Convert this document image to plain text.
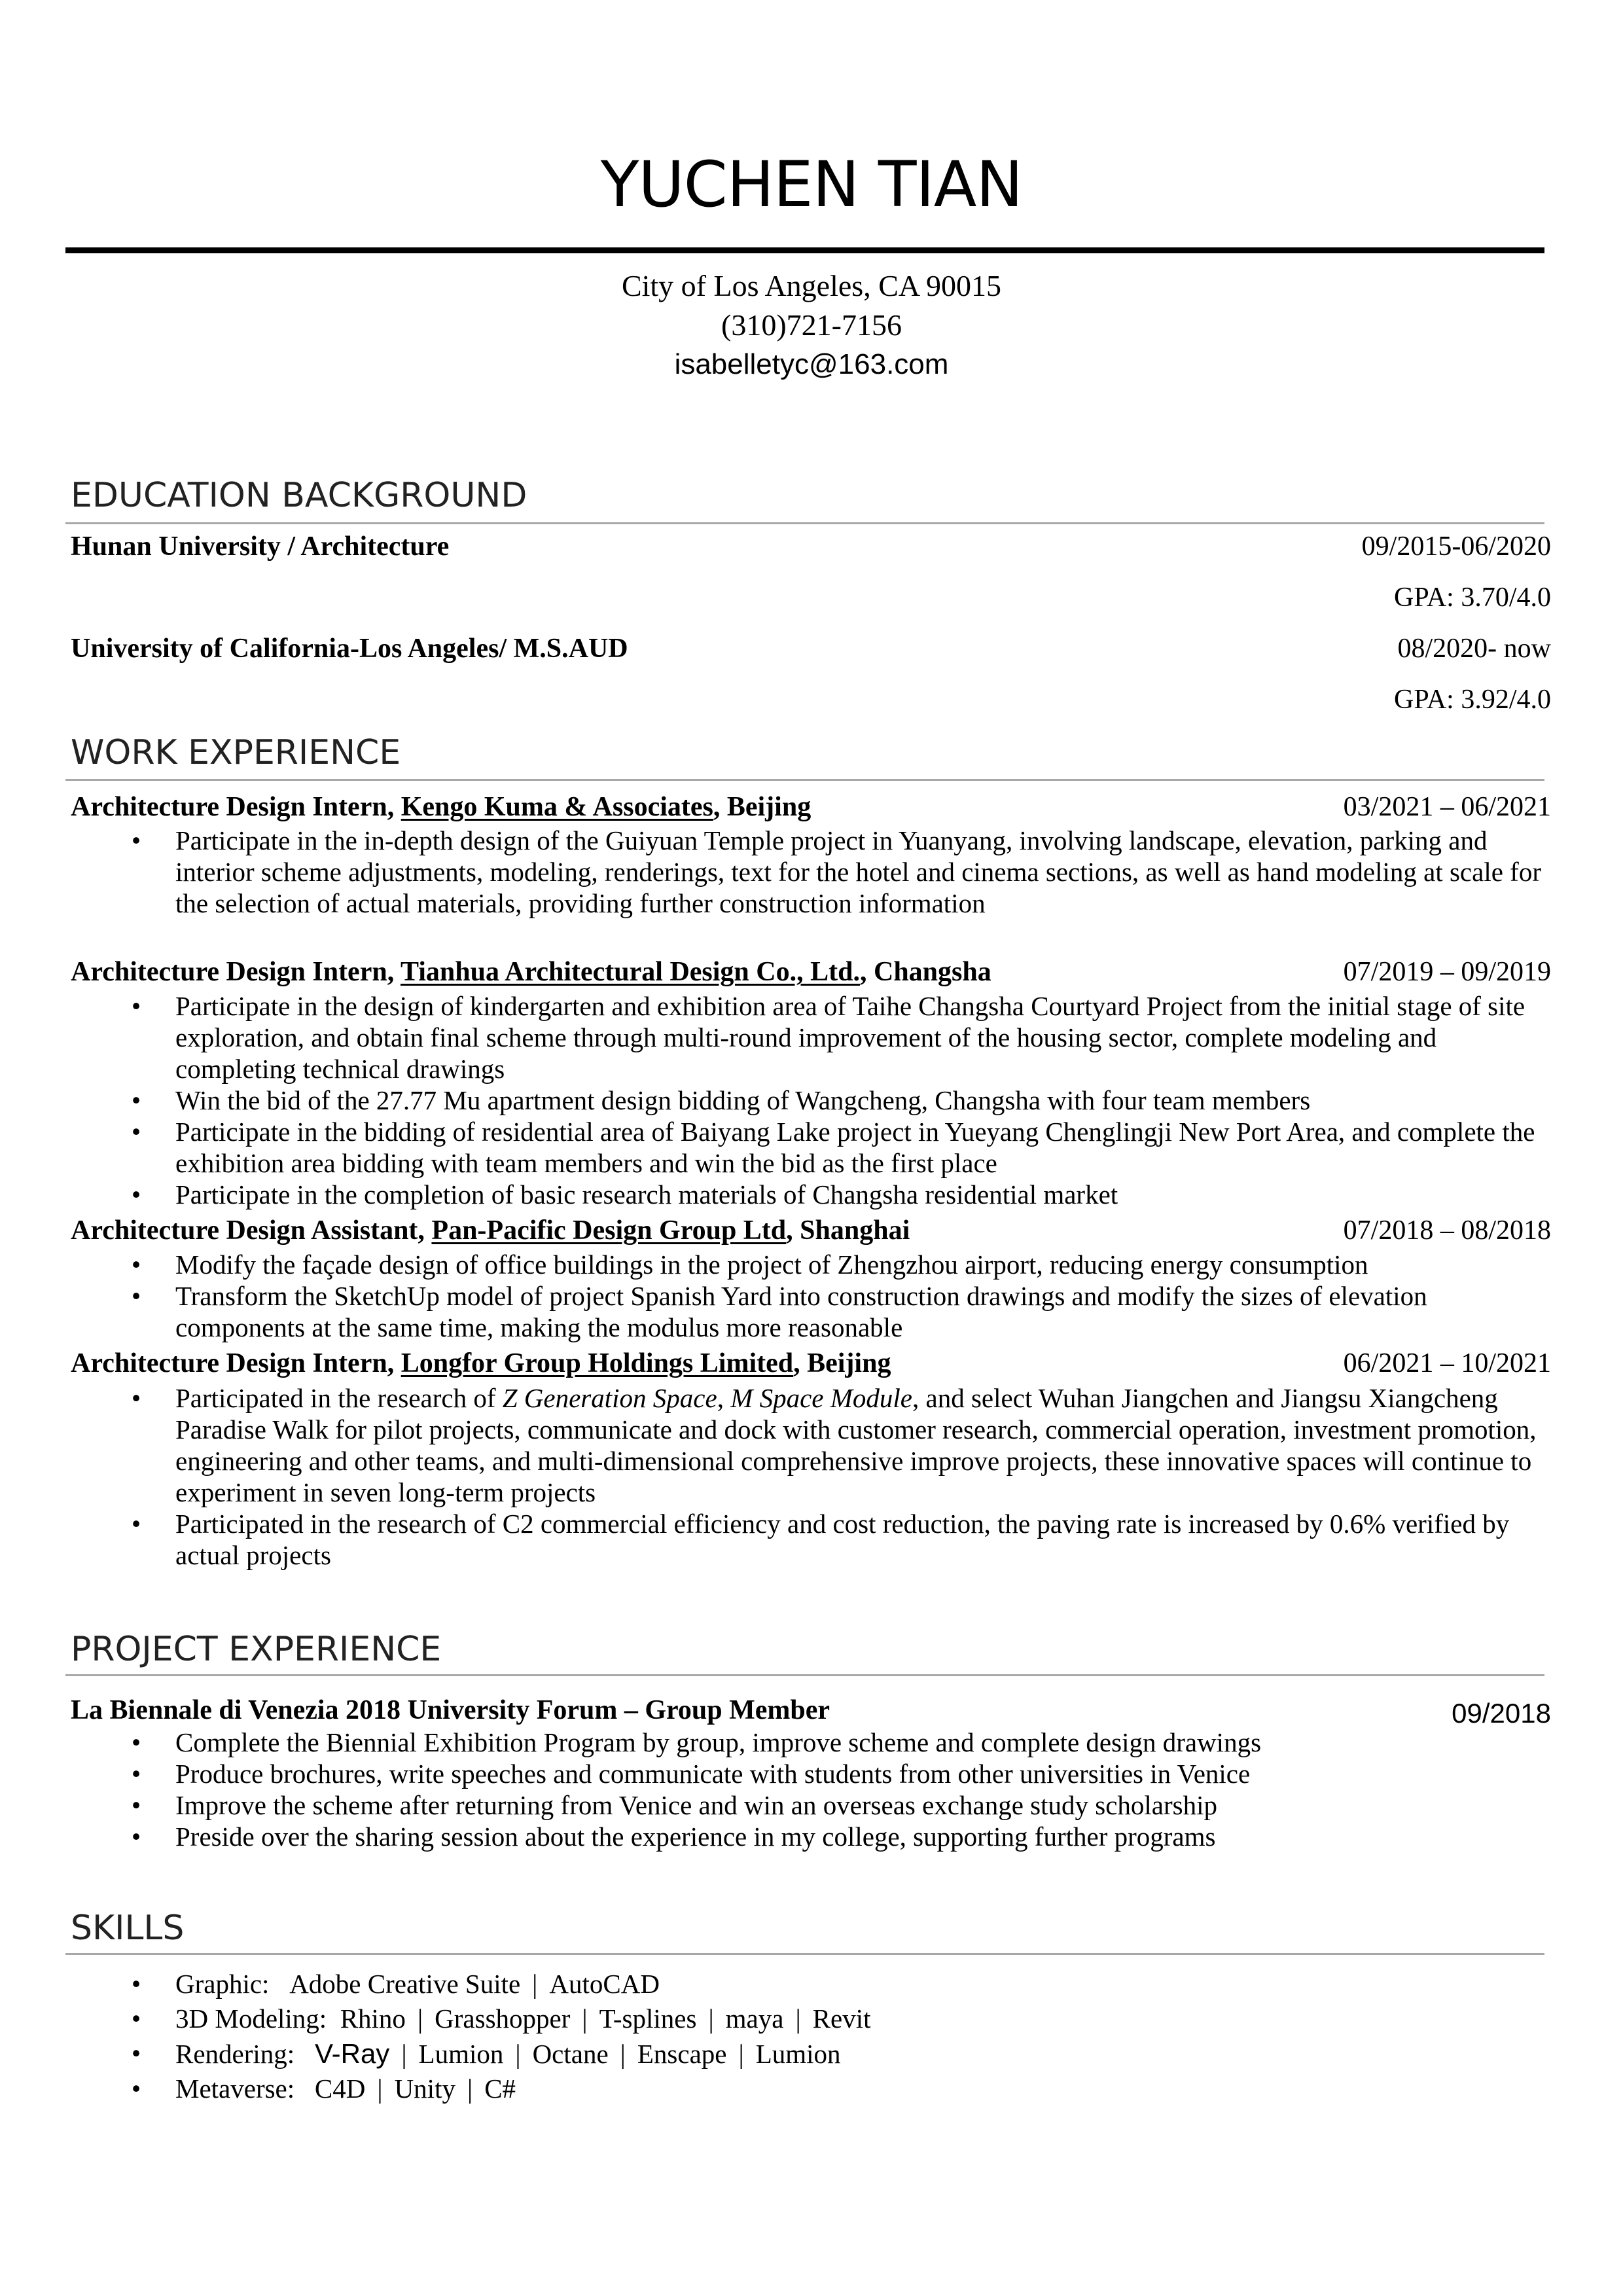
YUCHEN TIAN
City of Los Angeles, CA 90015
(310)721-7156
isabelletyc@163.com
EDUCATION BACKGROUND
Hunan University / Architecture	09/2015-06/2020
GPA: 3.70/4.0
University of California-Los Angeles/ M.S.AUD	08/2020- now
GPA: 3.92/4.0
WORK EXPERIENCE
Architecture Design Intern, Kengo Kuma & Associates, Beijing	03/2021 – 06/2021
•	Participate in the in-depth design of the Guiyuan Temple project in Yuanyang, involving landscape, elevation, parking and interior scheme adjustments, modeling, renderings, text for the hotel and cinema sections, as well as hand modeling at scale for the selection of actual materials, providing further construction information
Architecture Design Intern, Tianhua Architectural Design Co., Ltd., Changsha	07/2019 – 09/2019
•	Participate in the design of kindergarten and exhibition area of Taihe Changsha Courtyard Project from the initial stage of site exploration, and obtain final scheme through multi-round improvement of the housing sector, complete modeling and completing technical drawings
•	Win the bid of the 27.77 Mu apartment design bidding of Wangcheng, Changsha with four team members
•	Participate in the bidding of residential area of Baiyang Lake project in Yueyang Chenglingji New Port Area, and complete the exhibition area bidding with team members and win the bid as the first place
•	Participate in the completion of basic research materials of Changsha residential market
Architecture Design Assistant, Pan-Pacific Design Group Ltd, Shanghai	07/2018 – 08/2018
•	Modify the façade design of office buildings in the project of Zhengzhou airport, reducing energy consumption
•	Transform the SketchUp model of project Spanish Yard into construction drawings and modify the sizes of elevation components at the same time, making the modulus more reasonable
Architecture Design Intern, Longfor Group Holdings Limited, Beijing	06/2021 – 10/2021
•	Participated in the research of Z Generation Space, M Space Module, and select Wuhan Jiangchen and Jiangsu Xiangcheng Paradise Walk for pilot projects, communicate and dock with customer research, commercial operation, investment promotion, engineering and other teams, and multi-dimensional comprehensive improve projects, these innovative spaces will continue to experiment in seven long-term projects
•	Participated in the research of C2 commercial efficiency and cost reduction, the paving rate is increased by 0.6% verified by actual projects
PROJECT EXPERIENCE
La Biennale di Venezia 2018 University Forum – Group Member	09/2018
•	Complete the Biennial Exhibition Program by group, improve scheme and complete design drawings
•	Produce brochures, write speeches and communicate with students from other universities in Venice
•	Improve the scheme after returning from Venice and win an overseas exchange study scholarship
•	Preside over the sharing session about the experience in my college, supporting further programs
SKILLS
•	Graphic: Adobe Creative Suite | AutoCAD
•	3D Modeling: Rhino | Grasshopper | T-splines | maya | Revit
•	Rendering: V-Ray | Lumion | Octane | Enscape | Lumion
•	Metaverse: C4D | Unity | C#
